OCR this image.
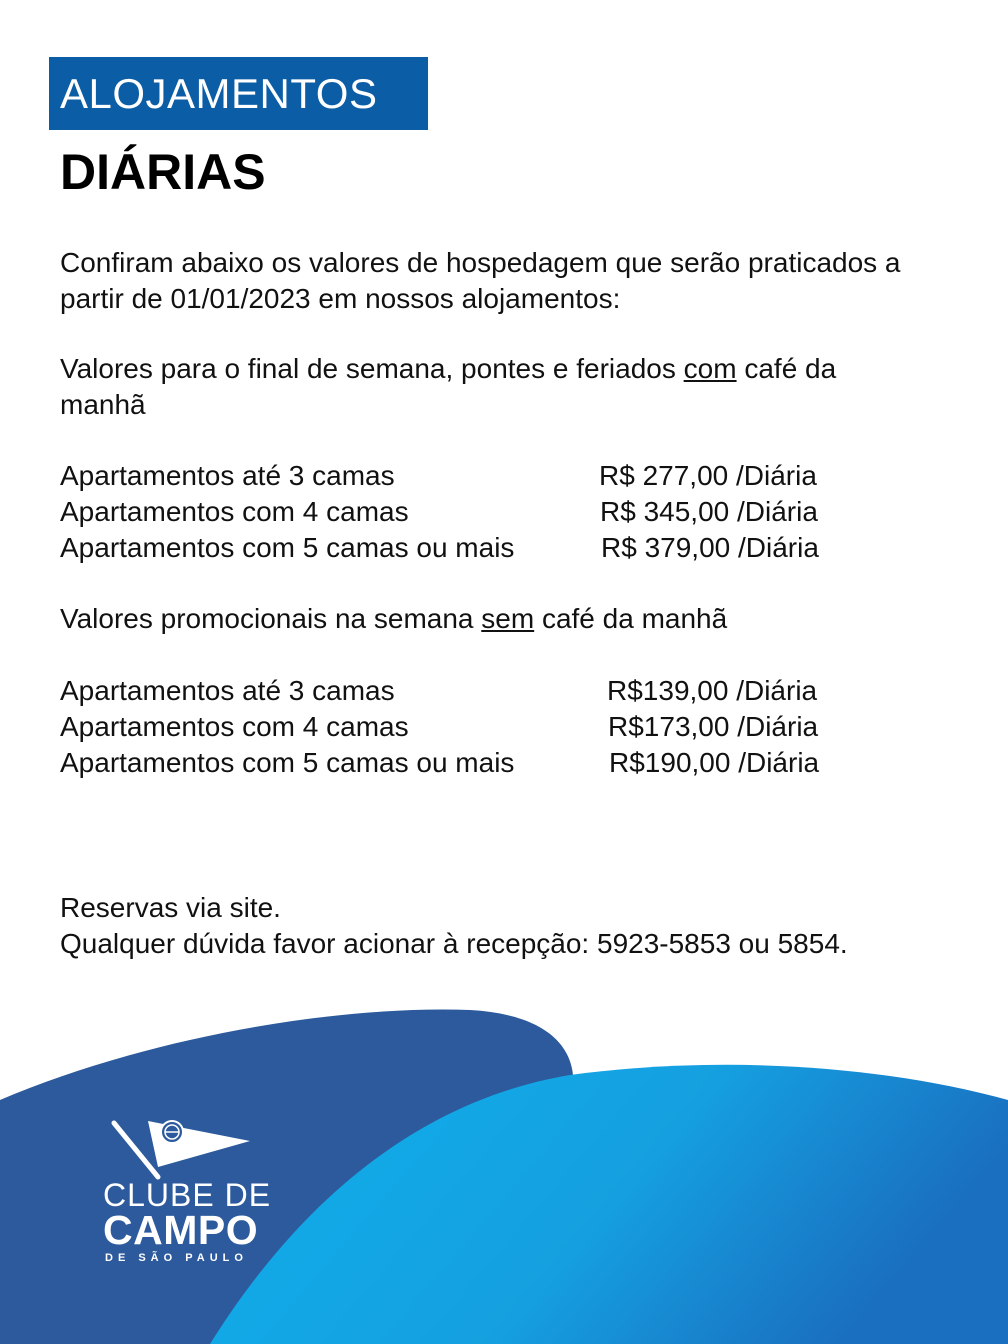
ALOJAMENTOS
DIÁRIAS
Confiram abaixo os valores de hospedagem que serão praticados a
partir de 01/01/2023 em nossos alojamentos:
Valores para o final de semana, pontes e feriados com café da
manhã
Apartamentos até 3 camas	R$ 277,00 /Diária
Apartamentos com 4 camas	R$ 345,00 /Diária
Apartamentos com 5 camas ou mais	R$ 379,00 /Diária
Valores promocionais na semana sem café da manhã
Apartamentos até 3 camas	R$139,00 /Diária
Apartamentos com 4 camas	R$173,00 /Diária
Apartamentos com 5 camas ou mais	R$190,00 /Diária
Reservas via site.
Qualquer dúvida favor acionar à recepção: 5923-5853 ou 5854.
CLUBE DE
CAMPO
DE SÃO PAULO
